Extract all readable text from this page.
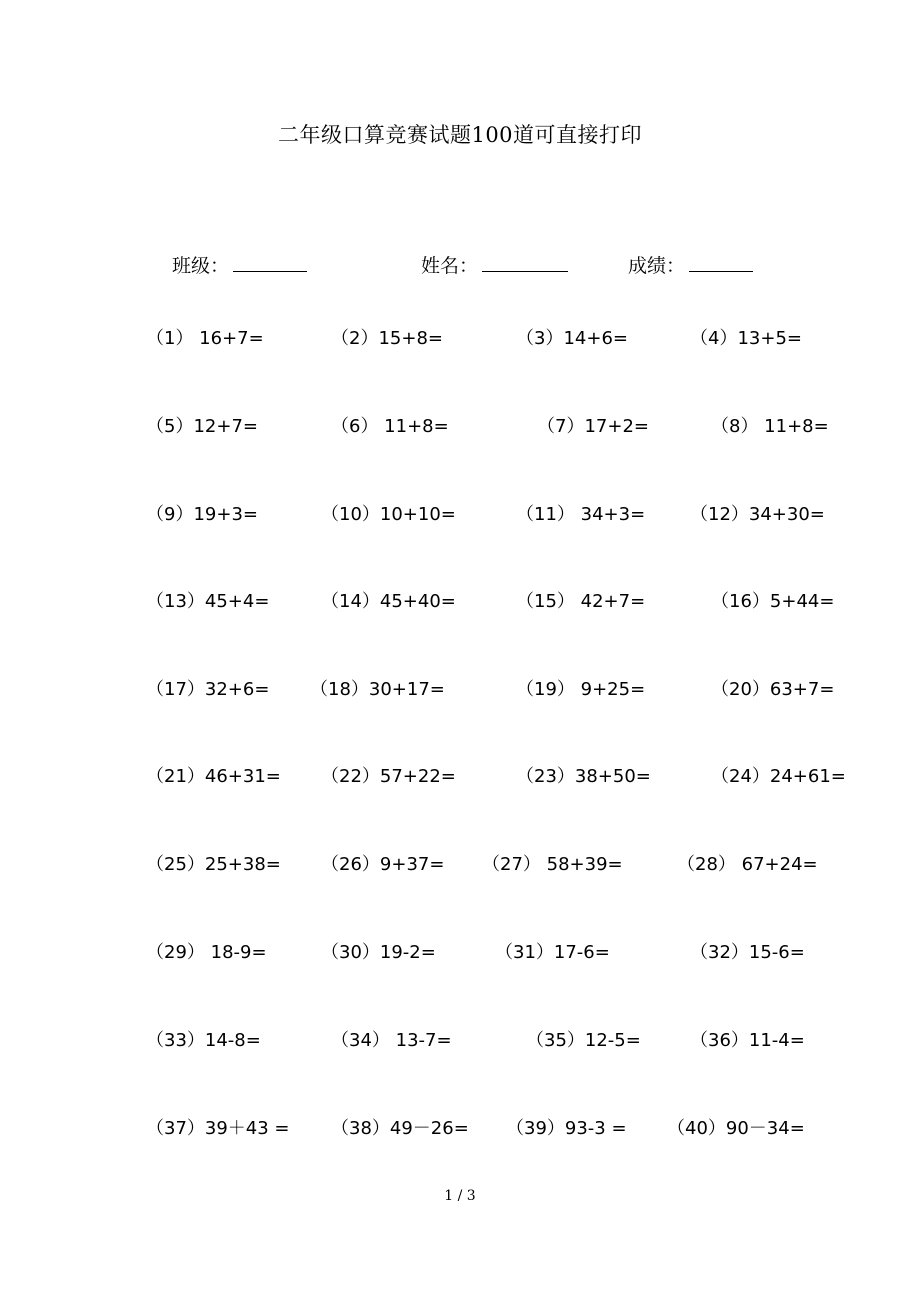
二年级口算竞赛试题100道可直接打印
班级：	姓名：	成绩：
（1） 16+7=	（2）15+8=	（3）14+6=	（4）13+5=
（5）12+7=	（6） 11+8=	（7）17+2=	（8） 11+8=
（9）19+3=	（10）10+10=	（11） 34+3= （12）34+30=
（13）45+4=	（14）45+40=	（15） 42+7=	（16）5+44=
（17）32+6= （18）30+17=	（19） 9+25=	（20）63+7=
（21）46+31= （22）57+22=	（23）38+50=	（24）24+61=
（25）25+38= （26）9+37= （27） 58+39=	（28） 67+24=
（29） 18-9=	（30）19-2=	（31）17-6=	（32）15-6=
（33）14-8=	（34） 13-7=	（35）12-5=	（36）11-4=
（37）39＋43 = （38）49－26= （39）93-3 = （40）90－34=
1 / 3
